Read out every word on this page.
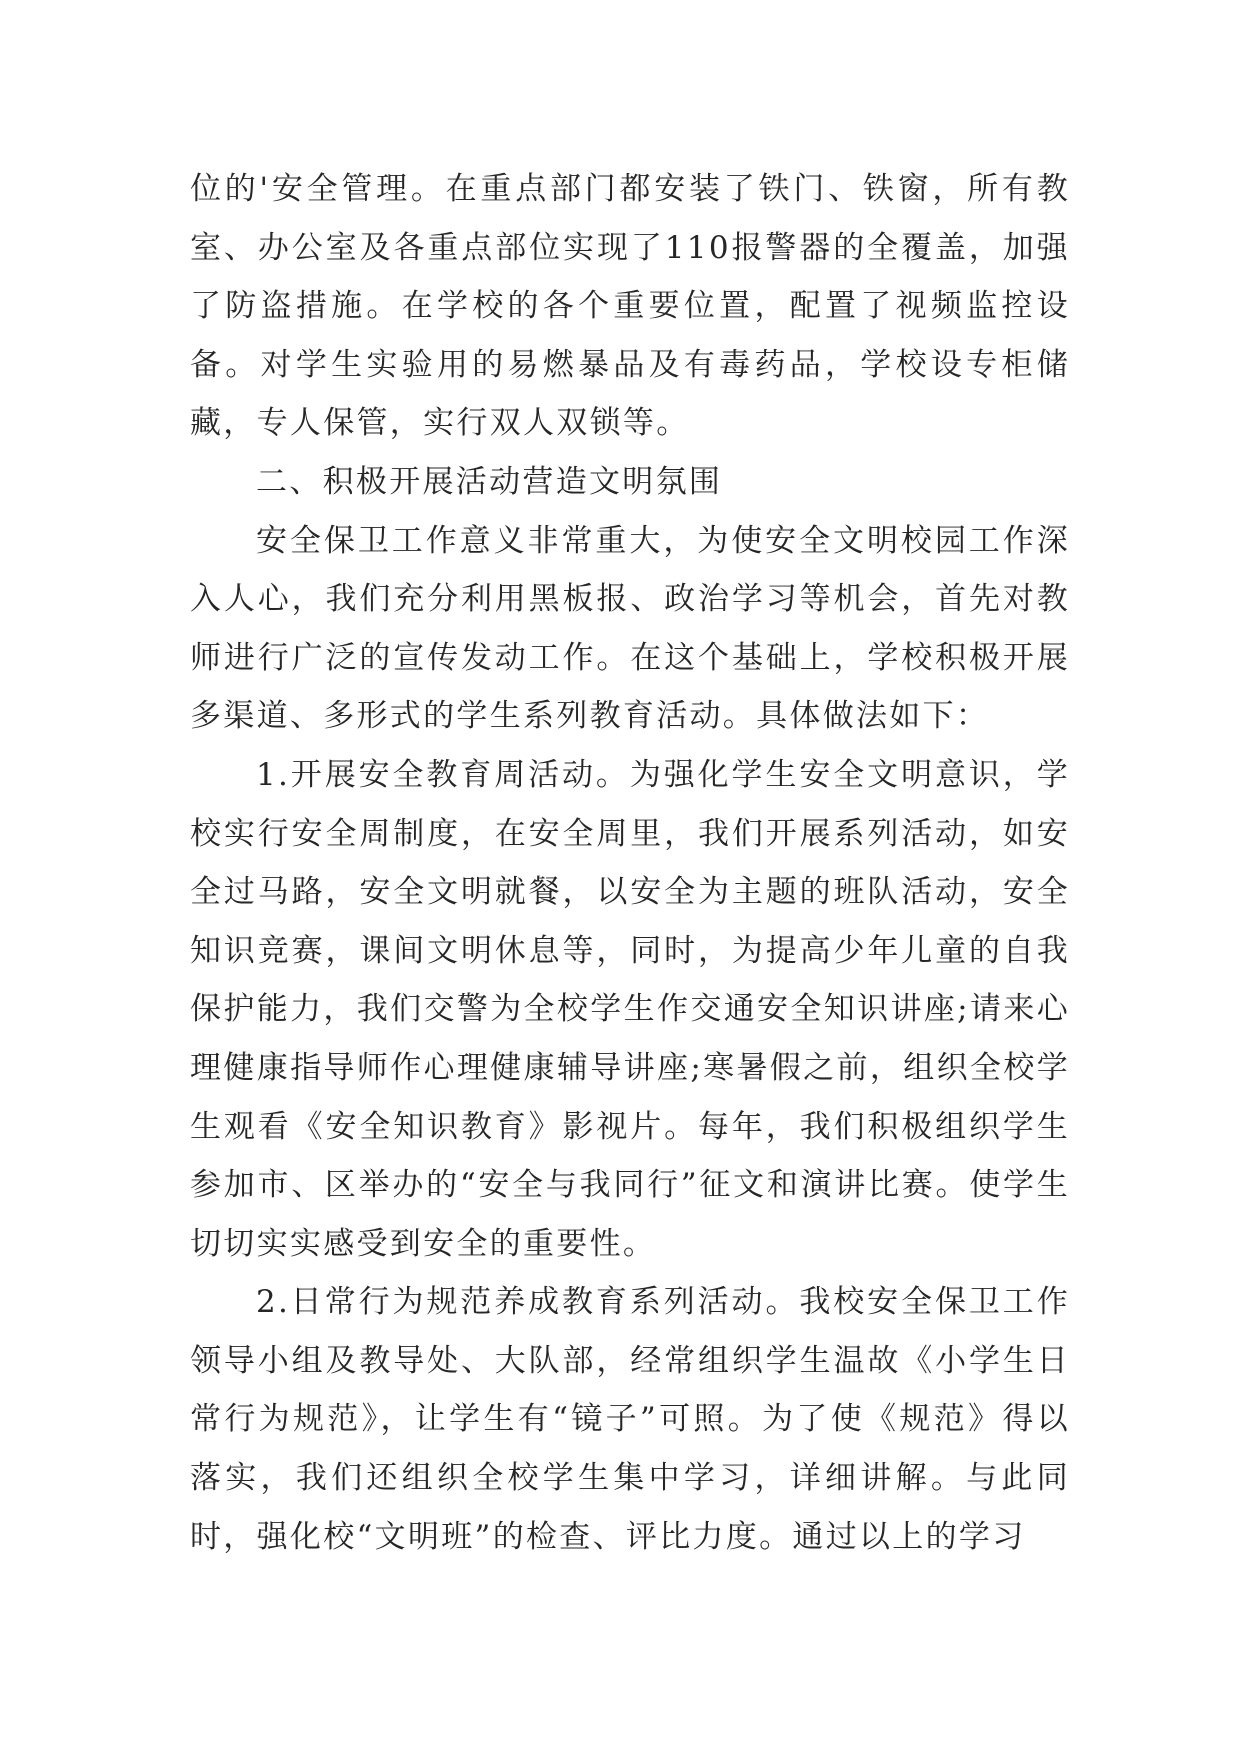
位的'安全管理。在重点部门都安装了铁门、铁窗，所有教室、办公室及各重点部位实现了110报警器的全覆盖，加强了防盗措施。在学校的各个重要位置，配置了视频监控设备。对学生实验用的易燃暴品及有毒药品，学校设专柜储藏，专人保管，实行双人双锁等。

二、积极开展活动营造文明氛围

安全保卫工作意义非常重大，为使安全文明校园工作深入人心，我们充分利用黑板报、政治学习等机会，首先对教师进行广泛的宣传发动工作。在这个基础上，学校积极开展多渠道、多形式的学生系列教育活动。具体做法如下：

1.开展安全教育周活动。为强化学生安全文明意识，学校实行安全周制度，在安全周里，我们开展系列活动，如安全过马路，安全文明就餐，以安全为主题的班队活动，安全知识竞赛，课间文明休息等，同时，为提高少年儿童的自我保护能力，我们交警为全校学生作交通安全知识讲座;请来心理健康指导师作心理健康辅导讲座;寒暑假之前，组织全校学生观看《安全知识教育》影视片。每年，我们积极组织学生参加市、区举办的“安全与我同行”征文和演讲比赛。使学生切切实实感受到安全的重要性。

2.日常行为规范养成教育系列活动。我校安全保卫工作领导小组及教导处、大队部，经常组织学生温故《小学生日常行为规范》，让学生有“镜子”可照。为了使《规范》得以落实，我们还组织全校学生集中学习，详细讲解。与此同时，强化校“文明班”的检查、评比力度。通过以上的学习
